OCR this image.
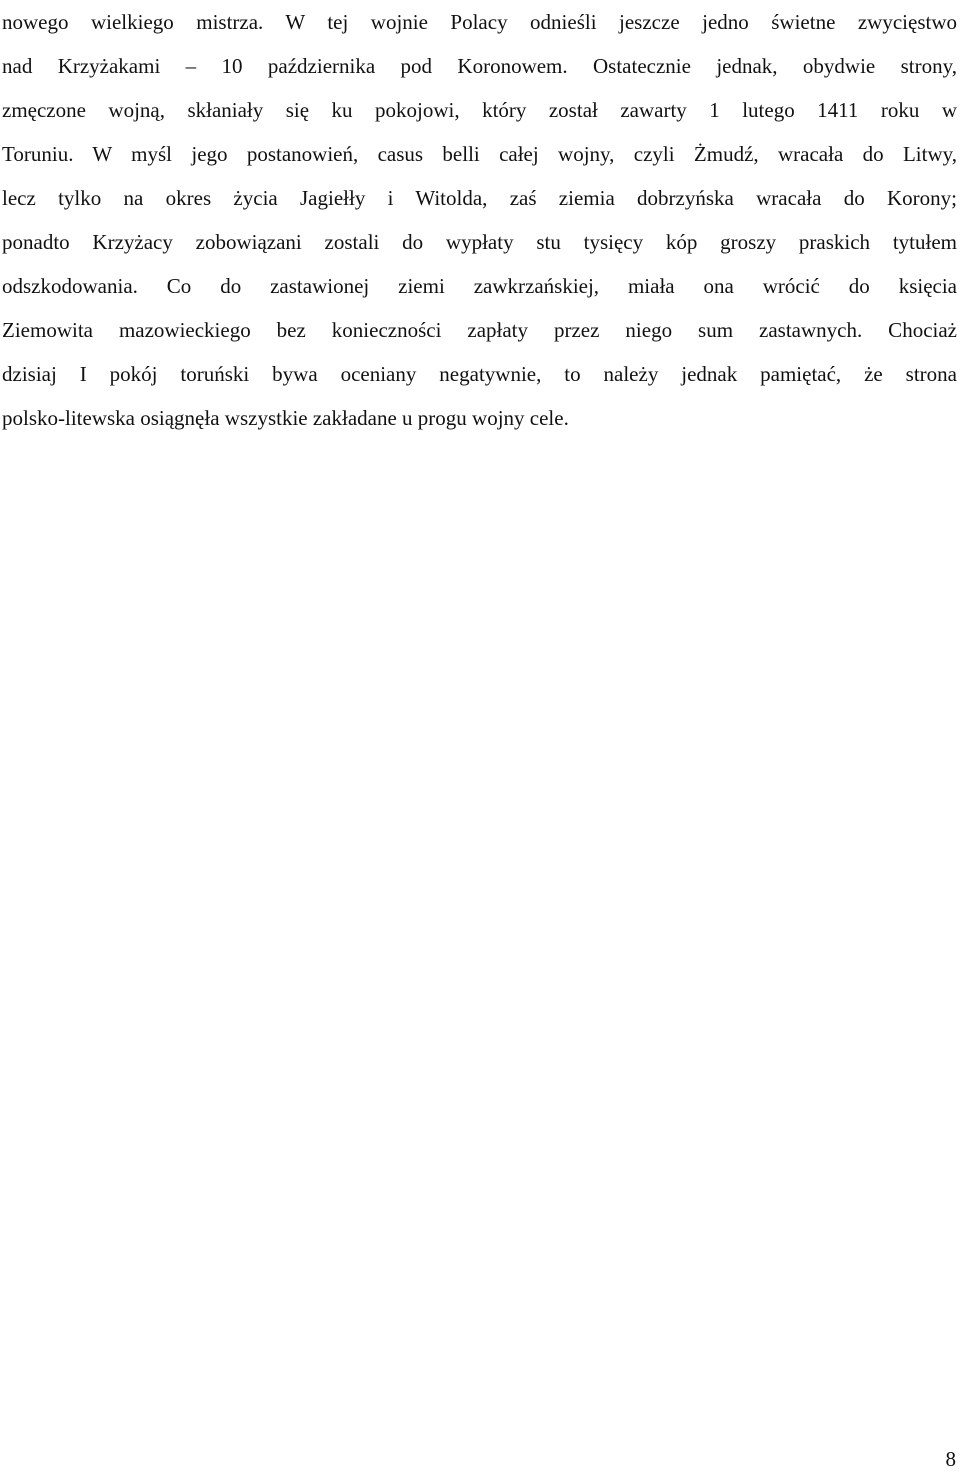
nowego wielkiego mistrza. W tej wojnie Polacy odnieśli jeszcze jedno świetne zwycięstwo
nad Krzyżakami – 10 października pod Koronowem. Ostatecznie jednak, obydwie strony,
zmęczone wojną, skłaniały się ku pokojowi, który został zawarty 1 lutego 1411 roku w
Toruniu. W myśl jego postanowień, casus belli całej wojny, czyli Żmudź, wracała do Litwy,
lecz tylko na okres życia Jagiełły i Witolda, zaś ziemia dobrzyńska wracała do Korony;
ponadto Krzyżacy zobowiązani zostali do wypłaty stu tysięcy kóp groszy praskich tytułem
odszkodowania. Co do zastawionej ziemi zawkrzańskiej, miała ona wrócić do księcia
Ziemowita mazowieckiego bez konieczności zapłaty przez niego sum zastawnych. Chociaż
dzisiaj I pokój toruński bywa oceniany negatywnie, to należy jednak pamiętać, że strona
polsko-litewska osiągnęła wszystkie zakładane u progu wojny cele.
8
